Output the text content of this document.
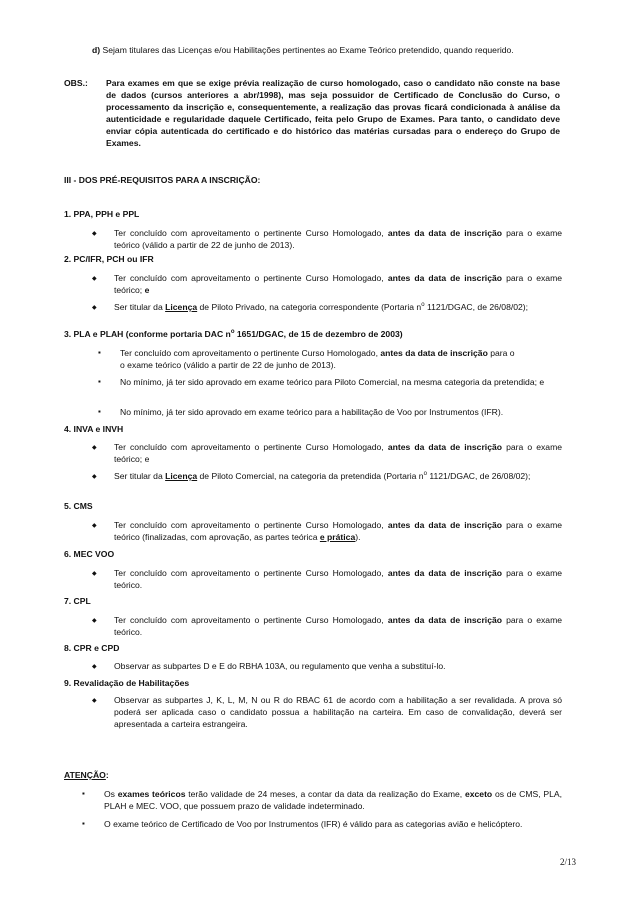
d) Sejam titulares das Licenças e/ou Habilitações pertinentes ao Exame Teórico pretendido, quando requerido.
OBS.: Para exames em que se exige prévia realização de curso homologado, caso o candidato não conste na base de dados (cursos anteriores a abr/1998), mas seja possuidor de Certificado de Conclusão do Curso, o processamento da inscrição e, consequentemente, a realização das provas ficará condicionada à análise da autenticidade e regularidade daquele Certificado, feita pelo Grupo de Exames. Para tanto, o candidato deve enviar cópia autenticada do certificado e do histórico das matérias cursadas para o endereço do Grupo de Exames.
III - DOS PRÉ-REQUISITOS PARA A INSCRIÇÃO:
1. PPA, PPH e PPL
◆
Ter concluído com aproveitamento o pertinente Curso Homologado, antes da data de inscrição para o exame teórico (válido a partir de 22 de junho de 2013).
2. PC/IFR, PCH ou IFR
◆
Ter concluído com aproveitamento o pertinente Curso Homologado, antes da data de inscrição para o exame teórico; e
◆
Ser titular da Licença de Piloto Privado, na categoria correspondente (Portaria $n^o$ 1121/DGAC, de 26/08/02);
3. PLA e PLAH (conforme portaria DAC $n^o$ 1651/DGAC, de 15 de dezembro de 2003)
▪
Ter concluído com aproveitamento o pertinente Curso Homologado, antes da data de inscrição para o
o exame teórico (válido a partir de 22 de junho de 2013).
▪
No mínimo, já ter sido aprovado em exame teórico para Piloto Comercial, na mesma categoria da pretendida; e
▪
No mínimo, já ter sido aprovado em exame teórico para a habilitação de Voo por Instrumentos (IFR).
4. INVA e INVH
◆
Ter concluído com aproveitamento o pertinente Curso Homologado, antes da data de inscrição para o exame teórico; e
◆
Ser titular da Licença de Piloto Comercial, na categoria da pretendida (Portaria $n^o$ 1121/DGAC, de 26/08/02);
5. CMS
◆
Ter concluído com aproveitamento o pertinente Curso Homologado, antes da data de inscrição para o exame teórico (finalizadas, com aprovação, as partes teórica e prática).
6. MEC VOO
◆
Ter concluído com aproveitamento o pertinente Curso Homologado, antes da data de inscrição para o exame teórico.
7. CPL
◆
Ter concluído com aproveitamento o pertinente Curso Homologado, antes da data de inscrição para o exame teórico.
8. CPR e CPD
◆
Observar as subpartes D e E do RBHA 103A, ou regulamento que venha a substituí-lo.
9. Revalidação de Habilitações
◆
Observar as subpartes J, K, L, M, N ou R do RBAC 61 de acordo com a habilitação a ser revalidada. A prova só poderá ser aplicada caso o candidato possua a habilitação na carteira. Em caso de convalidação, deverá ser apresentada a carteira estrangeira.
ATENÇÃO:
▪
Os exames teóricos terão validade de 24 meses, a contar da data da realização do Exame, exceto os de CMS, PLA, PLAH e MEC. VOO, que possuem prazo de validade indeterminado.
▪
O exame teórico de Certificado de Voo por Instrumentos (IFR) é válido para as categorias avião e helicóptero.
2/13
